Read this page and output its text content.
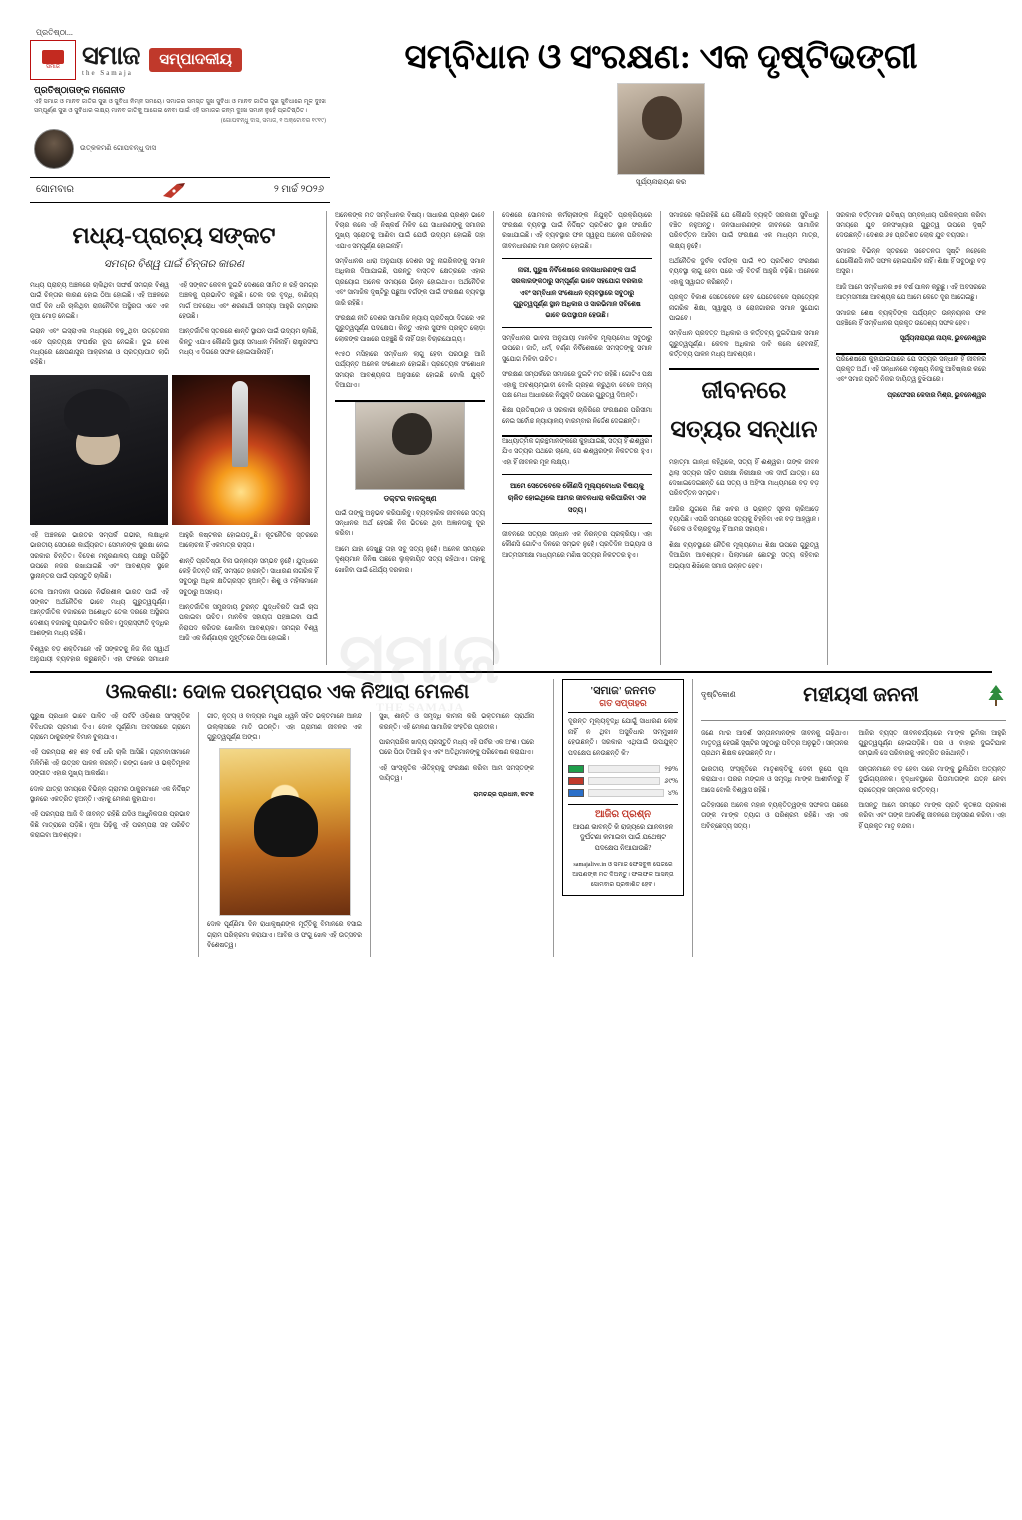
ପ୍ରତିଷ୍ଠା...
ସମାଜ ସମାଜ
the Samaja
ସମ୍ପାଦକୀୟ
ପ୍ରତିଷ୍ଠାତାଙ୍କ ମନୋନୀତ
ଏହି ସମାଜ ଓ ମାନବ ଜାତିର ସୁଖ ଓ ସୁବିଧା ନିମ୍ନ ସମୟେ। ସମାଜର ସମସ୍ତ ସୁଖ ସୁବିଧା ଓ ମାନବ ଜାତିର ସୁଖ ସୁବିଧାରେ ମୂଳ ଦୁଃଖ ସମ୍ପୂର୍ଣ୍ଣ ସୁଖ ଓ ସୁବିଧାର ଲକ୍ଷ୍ୟ ମାନବ ଜାତିକୁ ଆଗେଇ ନେବା ପାଇଁ ଏହି ସମାଜର ଜନ୍ମ ଦୁଃଖ ସମାନ ନୁହେଁ ପ୍ରତିଷ୍ଠିତ।
(ଗୋପବନ୍ଧୁ ଦାସ, ସମାଜ, ୧ ଅକ୍ଟୋବର ୧୯୧୯)
ଉତ୍କଳମଣି ଗୋପବନ୍ଧୁ ଦାସ
ସୋମବାର	୨ ମାର୍ଚ୍ଚ ୨୦୨୬
ସମ୍ବିଧାନ ଓ ସଂରକ୍ଷଣ: ଏକ ଦୃଷ୍ଟିଭଙ୍ଗୀ
ସୂର୍ଯ୍ୟନାରାୟଣ କର
ମଧ୍ୟ-ପ୍ରାଚ୍ୟ ସଙ୍କଟ
ସମଗ୍ର ବିଶ୍ୱ ପାଇଁ ଚିନ୍ତାର କାରଣ

ମଧ୍ୟ ପ୍ରାଚ୍ୟ ଅଞ୍ଚଳରେ ଚାଲିଥିବା ସଙ୍ଘର୍ଷ ସମଗ୍ର ବିଶ୍ୱ ପାଇଁ ଚିନ୍ତାର କାରଣ ହୋଇ ଠିଆ ହୋଇଛି। ଏହି ଅଞ୍ଚଳରେ ଦୀର୍ଘ ଦିନ ଧରି ଚାଲିଥିବା ରାଜନୈତିକ ଅସ୍ଥିରତା ଏବେ ଏକ ନୂଆ ମୋଡ଼ ନେଇଛି।

ଇରାନ ଏବଂ ଇସ୍ରାଏଲ ମଧ୍ୟରେ ବଢ଼ୁଥିବା ଉତ୍ତେଜନା ଏବେ ପ୍ରତ୍ୟକ୍ଷ ସଂଘର୍ଷର ରୂପ ନେଇଛି। ଦୁଇ ଦେଶ ମଧ୍ୟରେ କ୍ଷେପଣାସ୍ତ୍ର ଆକ୍ରମଣ ଓ ପ୍ରତ୍ୟାଘାତ ଲାଗି ରହିଛି।

ଏହି ସଙ୍କଟ କେବଳ ଦୁଇଟି ଦେଶରେ ସୀମିତ ନ ରହି ସମଗ୍ର ଅଞ୍ଚଳକୁ ପ୍ରଭାବିତ କରୁଛି। ତେଲ ଦର ବୃଦ୍ଧି, ବାଣିଜ୍ୟ ମାର୍ଗ ଅବରୋଧ ଏବଂ ଶରଣାର୍ଥୀ ସମସ୍ୟା ଆହୁରି ଗମ୍ଭୀର ହେଉଛି।

ଆନ୍ତର୍ଜାତିକ ସ୍ତରରେ ଶାନ୍ତି ସ୍ଥାପନ ପାଇଁ ଉଦ୍ୟମ ଚାଲିଛି, କିନ୍ତୁ ଏଯାଏ କୌଣସି ସ୍ଥାୟୀ ସମାଧାନ ମିଳିନାହିଁ। ରାଷ୍ଟ୍ରସଂଘ ମଧ୍ୟ ଏ ଦିଗରେ ସଫଳ ହୋଇପାରିନାହିଁ।

ଏହି ଅଞ୍ଚଳରେ ଭାରତର ସମ୍ପର୍କ ଗଭୀର, ଲକ୍ଷାଧିକ ଭାରତୀୟ ସେଠାରେ କାର୍ଯ୍ୟରତ। ସେମାନଙ୍କ ସୁରକ୍ଷା ନେଇ ସରକାର ଚିନ୍ତିତ। ବିଦେଶ ମନ୍ତ୍ରଣାଳୟ ପକ୍ଷରୁ ପରିସ୍ଥିତି ଉପରେ ନଜର ରଖାଯାଇଛି ଏବଂ ଆବଶ୍ୟକ ସ୍ଥଳେ ସ୍ଥାନାନ୍ତର ପାଇଁ ପ୍ରସ୍ତୁତି ଚାଲିଛି।

ତେଲ ଆମଦାନୀ ଉପରେ ନିର୍ଭରଶୀଳ ଭାରତ ପାଇଁ ଏହି ସଙ୍କଟ ଅର୍ଥନୈତିକ ଭାବେ ମଧ୍ୟ ଗୁରୁତ୍ୱପୂର୍ଣ୍ଣ। ଆନ୍ତର୍ଜାତିକ ବଜାରରେ ଅଶୋଧିତ ତେଲ ଦରରେ ଅସ୍ଥିରତା ଦେଶୀୟ ବଜାରକୁ ପ୍ରଭାବିତ କରିବ। ମୁଦ୍ରାସ୍ଫୀତି ବୃଦ୍ଧିର ଆଶଙ୍କା ମଧ୍ୟ ରହିଛି।

ବିଶ୍ୱର ବଡ଼ ଶକ୍ତିମାନେ ଏହି ସଙ୍କଟକୁ ନିଜ ନିଜ ସ୍ୱାର୍ଥ ଅନୁଯାୟୀ ବ୍ୟବହାର କରୁଛନ୍ତି। ଏହା ଫଳରେ ସମାଧାନ ଆହୁରି କଷ୍ଟକର ହୋଇପଡ଼ୁଛି। କୂଟନୈତିକ ସ୍ତରରେ ଆଲୋଚନା ହିଁ ଏକମାତ୍ର ରାସ୍ତା।

ଶାନ୍ତି ପ୍ରତିଷ୍ଠା ବିନା ଉନ୍ନୟନ ସମ୍ଭବ ନୁହେଁ। ଯୁଦ୍ଧରେ କେହି ଜିତନ୍ତି ନାହିଁ, ସମସ୍ତେ ହାରନ୍ତି। ସାଧାରଣ ନାଗରିକ ହିଁ ସବୁଠାରୁ ଅଧିକ କ୍ଷତିଗ୍ରସ୍ତ ହୁଅନ୍ତି। ଶିଶୁ ଓ ମହିଳାମାନେ ସବୁଠାରୁ ଅସହାୟ।

ଆନ୍ତର୍ଜାତିକ ସମ୍ପ୍ରଦାୟ ତୁରନ୍ତ ଯୁଦ୍ଧବିରତି ପାଇଁ ଚାପ ପକାଇବା ଉଚିତ। ମାନବିକ ସହାୟତା ପହଞ୍ଚାଇବା ପାଇଁ ନିରାପଦ କରିଡର ଖୋଲିବା ଆବଶ୍ୟକ। ସମଗ୍ର ବିଶ୍ୱ ଆଜି ଏକ ନିର୍ଣ୍ଣାୟକ ମୁହୂର୍ତ୍ତରେ ଠିଆ ହୋଇଛି।

ଅନେକଙ୍କ ମତ ସମ୍ବିଧାନର ବିଷୟ। ସାଧାରଣ ପ୍ରଶ୍ନ ଭାବେ ବିଚାର କଲେ ଏହି ନିଷ୍କର୍ଷ ମିଳିବ ଯେ ସାଧାରଣଙ୍କୁ ସମାଜର ମୁଖ୍ୟ ସ୍ରୋତକୁ ଆଣିବା ପାଇଁ ଯେଉଁ ଉଦ୍ୟମ ହୋଇଛି ତାହା ଏଯାଏ ସମ୍ପୂର୍ଣ୍ଣ ହୋଇନାହିଁ।

ସମ୍ବିଧାନର ଧାରା ଅନୁଯାୟୀ ଦେଶର ସବୁ ନାଗରିକଙ୍କୁ ସମାନ ଅଧିକାର ଦିଆଯାଇଛି, ପରନ୍ତୁ ବାସ୍ତବ କ୍ଷେତ୍ରରେ ଏହାର ପ୍ରୟୋଗ ଅନେକ ସମୟରେ ଭିନ୍ନ ହୋଇଥାଏ। ଅର୍ଥନୈତିକ ଏବଂ ସାମାଜିକ ଦୃଷ୍ଟିରୁ ପଛୁଆ ବର୍ଗଙ୍କ ପାଇଁ ସଂରକ୍ଷଣ ବ୍ୟବସ୍ଥା ଜାରି ରହିଛି।

ସଂରକ୍ଷଣ ନୀତି ଦେଶର ସାମାଜିକ ନ୍ୟାୟ ପ୍ରତିଷ୍ଠା ଦିଗରେ ଏକ ଗୁରୁତ୍ୱପୂର୍ଣ୍ଣ ପଦକ୍ଷେପ। କିନ୍ତୁ ଏହାର ସୁଫଳ ପ୍ରକୃତ ଲୋଡ଼ା ଲୋକଙ୍କ ପାଖରେ ପହଞ୍ଚୁଛି କି ନାହିଁ ତାହା ବିଚାରଯୋଗ୍ୟ।

୧୯୫୦ ମସିହାରେ ସମ୍ବିଧାନ ଲାଗୁ ହେବା ପରଠାରୁ ଆଜି ପର୍ଯ୍ୟନ୍ତ ଅନେକ ସଂଶୋଧନ ହୋଇଛି। ପ୍ରତ୍ୟେକ ସଂଶୋଧନ ସମୟର ଆବଶ୍ୟକତା ଅନୁସାରେ ହୋଇଛି ବୋଲି ଯୁକ୍ତି ଦିଆଯାଏ।

ଡକ୍ଟର ବାଳକୃଷ୍ଣ

ପାଇଁ ତାଙ୍କୁ ଅନୁଭବ କରିପାରିବୁ। ବ୍ୟବହାରିକ ଜୀବନରେ ସତ୍ୟ ସନ୍ଧାନର ଅର୍ଥ ହେଉଛି ନିଜ ଭିତରେ ଥିବା ଅଜ୍ଞାନତାକୁ ଦୂର କରିବା।

ଆମେ ଯାହା ଦେଖୁଛୁ ତାହା ସବୁ ସତ୍ୟ ନୁହେଁ। ଅନେକ ସମୟରେ ଦୃଶ୍ୟମାନ ଜିନିଷ ପଛରେ ଲୁକ୍କାୟିତ ସତ୍ୟ ରହିଥାଏ। ତାହାକୁ ଖୋଜିବା ପାଇଁ ଧୈର୍ଯ୍ୟ ଦରକାର।

ଦେଶରେ ସୋମବାର କର୍ମଚାରୀଙ୍କ ନିଯୁକ୍ତି ପ୍ରକ୍ରିୟାରେ ସଂରକ୍ଷଣ ବ୍ୟବସ୍ଥା ପାଇଁ ନିର୍ଦ୍ଦିଷ୍ଟ ପ୍ରତିଶତ ସ୍ଥାନ ସଂରକ୍ଷିତ ରଖାଯାଇଛି। ଏହି ବ୍ୟବସ୍ଥାର ଫଳ ସ୍ୱରୂପ ଅନେକ ପରିବାରର ଜୀବନଧାରଣର ମାନ ଉନ୍ନତ ହୋଇଛି।

ନାରୀ, ପୁରୁଷ ନିର୍ବିଶେଷରେ ଜନସାଧାରଣଙ୍କ ପାଇଁ ସରକାରଙ୍କଠାରୁ ସମ୍ପୂର୍ଣ୍ଣ ଭାବେ ସହଯୋଗ ଦରକାର ଏବଂ ସମ୍ବିଧାନ ସଂଶୋଧନ ବ୍ୟବସ୍ଥାରେ ସବୁଠାରୁ ଗୁରୁତ୍ୱପୂର୍ଣ୍ଣ ସ୍ଥାନ ଅଧିକାର ଓ ସାରଭିମାନ ସବିଶେଷ ଭାବେ ଉପସ୍ଥାପନ ହେଉଛି।

ସମ୍ବିଧାନର ଭାବନା ଅନୁଯାୟୀ ମାନବିକ ମୂଲ୍ୟବୋଧ ସବୁଠାରୁ ଉପରେ। ଜାତି, ଧର୍ମ, ବର୍ଣ୍ଣ ନିର୍ବିଶେଷରେ ସମସ୍ତଙ୍କୁ ସମାନ ସୁଯୋଗ ମିଳିବା ଉଚିତ।

ସଂରକ୍ଷଣ ସମ୍ପର୍କରେ ସମାଜରେ ଦୁଇଟି ମତ ରହିଛି। ଗୋଟିଏ ପକ୍ଷ ଏହାକୁ ଅବଶ୍ୟମ୍ଭାବୀ ବୋଲି ଗ୍ରହଣ କରୁଥିବା ବେଳେ ଅନ୍ୟ ପକ୍ଷ ମେଧା ଆଧାରରେ ନିଯୁକ୍ତି ଉପରେ ଗୁରୁତ୍ୱ ଦିଅନ୍ତି।

ଶିକ୍ଷା ପ୍ରତିଷ୍ଠାନ ଓ ସରକାରୀ ଚାକିରିରେ ସଂରକ୍ଷଣର ପରିସୀମା ନେଇ ସର୍ବୋଚ୍ଚ ନ୍ୟାୟାଳୟ ବାରମ୍ବାର ନିର୍ଦ୍ଦେଶ ଦେଇଛନ୍ତି।

ଆଧ୍ୟାତ୍ମିକ ଗ୍ରନ୍ଥମାନଙ୍କରେ କୁହାଯାଇଛି, ସତ୍ୟ ହିଁ ଈଶ୍ୱର। ଯିଏ ସତ୍ୟର ପଥରେ ଚାଲେ, ସେ ଈଶ୍ୱରଙ୍କ ନିକଟତର ହୁଏ। ଏହା ହିଁ ଜୀବନର ମୂଳ ଲକ୍ଷ୍ୟ।

ଆମେ ସେତେବେଳେ କୌଣସି ମୂଲ୍ୟବୋଧର ବିଷୟକୁ ଚାଳିତ ହୋଇଥିଲେ ଆମର ଜୀବନଧାରା କରିପାରିବା ଏକ ସତ୍ୟ।

ଜୀବନରେ ସତ୍ୟର ସନ୍ଧାନ ଏକ ନିରନ୍ତର ପ୍ରକ୍ରିୟା। ଏହା କୌଣସି ଗୋଟିଏ ଦିନରେ ସମ୍ଭବ ନୁହେଁ। ପ୍ରତିଦିନ ଅଭ୍ୟାସ ଓ ଆତ୍ମସମୀକ୍ଷା ମାଧ୍ୟମରେ ମଣିଷ ସତ୍ୟର ନିକଟତର ହୁଏ।

ସମାଜରେ ଲାଗିରହିଛି ଯେ କୌଣସି ବ୍ୟକ୍ତି ସରକାରୀ ସୁବିଧାରୁ ବଞ୍ଚିତ ନହୁଅନ୍ତୁ। ଜନସାଧାରଣଙ୍କ ଜୀବନରେ ସାମାଜିକ ପରିବର୍ତ୍ତନ ଆସିବା ପାଇଁ ସଂରକ୍ଷଣ ଏକ ମାଧ୍ୟମ ମାତ୍ର, ଲକ୍ଷ୍ୟ ନୁହେଁ।

ଅର୍ଥନୈତିକ ଦୁର୍ବଳ ବର୍ଗଙ୍କ ପାଇଁ ୧୦ ପ୍ରତିଶତ ସଂରକ୍ଷଣ ବ୍ୟବସ୍ଥା ଲାଗୁ ହେବା ପରେ ଏହି ବିତର୍କ ଆହୁରି ବଢ଼ିଛି। ଅନେକେ ଏହାକୁ ସ୍ୱାଗତ କରିଛନ୍ତି।

ପ୍ରକୃତ ବିକାଶ ସେତେବେଳେ ହେବ ଯେତେବେଳେ ପ୍ରତ୍ୟେକ ନାଗରିକ ଶିକ୍ଷା, ସ୍ୱାସ୍ଥ୍ୟ ଓ ରୋଜଗାରର ସମାନ ସୁଯୋଗ ପାଇବେ।

ସମ୍ବିଧାନ ପ୍ରଦତ୍ତ ଅଧିକାର ଓ କର୍ତ୍ତବ୍ୟ ଦୁଇଟିଯାକ ସମାନ ଗୁରୁତ୍ୱପୂର୍ଣ୍ଣ। କେବଳ ଅଧିକାର ଦାବି କଲେ ହେବନାହିଁ, କର୍ତ୍ତବ୍ୟ ପାଳନ ମଧ୍ୟ ଆବଶ୍ୟକ।

ଜୀବନରେ ସତ୍ୟର ସନ୍ଧାନ

ମହାତ୍ମା ଗାନ୍ଧୀ କହିଥିଲେ, ସତ୍ୟ ହିଁ ଈଶ୍ୱର। ତାଙ୍କ ଜୀବନ ଥିଲା ସତ୍ୟର ସହିତ ପରୀକ୍ଷା ନିରୀକ୍ଷାର ଏକ ଦୀର୍ଘ ଯାତ୍ରା। ସେ ଦେଖାଇଦେଇଛନ୍ତି ଯେ ସତ୍ୟ ଓ ଅହିଂସା ମାଧ୍ୟମରେ ବଡ଼ ବଡ଼ ପରିବର୍ତ୍ତନ ସମ୍ଭବ।

ଆଜିର ଯୁଗରେ ମିଛ ଖବର ଓ ଭ୍ରାନ୍ତ ସୂଚନା ଚାରିଆଡ଼େ ବ୍ୟାପିଛି। ଏପରି ସମୟରେ ସତ୍ୟକୁ ଚିହ୍ନିବା ଏକ ବଡ଼ ଆହ୍ୱାନ। ବିବେକ ଓ ବିଚାରବୁଦ୍ଧି ହିଁ ଆମର ସହାୟକ।

ଶିକ୍ଷା ବ୍ୟବସ୍ଥାରେ ନୈତିକ ମୂଲ୍ୟବୋଧ ଶିକ୍ଷା ଉପରେ ଗୁରୁତ୍ୱ ଦିଆଯିବା ଆବଶ୍ୟକ। ପିଲାମାନେ ଛୋଟରୁ ସତ୍ୟ କହିବାର ଅଭ୍ୟାସ ଶିଖିଲେ ସମାଜ ଉନ୍ନତ ହେବ।

ସରକାର ବର୍ତ୍ତମାନ ଭବିଷ୍ୟ ସମ୍ବନ୍ଧୀୟ ପରିକଳ୍ପନା କରିବା ସମୟରେ ଯୁବ ଜନସଂଖ୍ୟାର ଗୁରୁତ୍ୱ ଉପରେ ଦୃଷ୍ଟି ଦେଉଛନ୍ତି। ଦେଶର ୬୫ ପ୍ରତିଶତ ଲୋକ ଯୁବ ବୟସର।

ସମାଜର ବିଭିନ୍ନ ସ୍ତରରେ ସଚେତନତା ସୃଷ୍ଟି ନହେଲେ ଯେକୌଣସି ନୀତି ସଫଳ ହୋଇପାରିବ ନାହିଁ। ଶିକ୍ଷା ହିଁ ସବୁଠାରୁ ବଡ଼ ଅସ୍ତ୍ର।

ଆଜି ଆମେ ସମ୍ବିଧାନର ୭୫ ବର୍ଷ ପାଳନ କରୁଛୁ। ଏହି ଅବସରରେ ଆତ୍ମସମୀକ୍ଷା ଆବଶ୍ୟକ ଯେ ଆମେ କେତେ ଦୂର ଆଗେଇଛୁ।

ସମାଜର ଶେଷ ବ୍ୟକ୍ତିଙ୍କ ପର୍ଯ୍ୟନ୍ତ ଉନ୍ନୟନର ଫଳ ପହଞ୍ଚିଲେ ହିଁ ସମ୍ବିଧାନର ପ୍ରକୃତ ଉଦ୍ଦେଶ୍ୟ ସଫଳ ହେବ।

ସୂର୍ଯ୍ୟନାରାୟଣ ନାୟକ, ଭୁବନେଶ୍ୱର

ପରିଶେଷରେ କୁହାଯାଇପାରେ ଯେ ସତ୍ୟର ସନ୍ଧାନ ହିଁ ଜୀବନର ପ୍ରକୃତ ଅର୍ଥ। ଏହି ସନ୍ଧାନରେ ମନୁଷ୍ୟ ନିଜକୁ ଆବିଷ୍କାର କରେ ଏବଂ ସମାଜ ପ୍ରତି ନିଜର ଦାୟିତ୍ୱ ବୁଝିପାରେ।

ପ୍ରଫେସର କେଦାର ମିଶ୍ର, ଭୁବନେଶ୍ୱର
ଓଲକଣା: ଦୋଳ ପରମ୍ପରାର ଏକ ନିଆରା ମେଳଣ

ପୁରୁଷ ପ୍ରଧାନ ଭାବେ ପାଳିତ ଏହି ପର୍ବଟି ଓଡ଼ିଶାର ସାଂସ୍କୃତିକ ବିବିଧତାର ପ୍ରମାଣ ଦିଏ। ଦୋଳ ପୂର୍ଣ୍ଣିମା ଅବସରରେ ଗ୍ରାମେ ଗ୍ରାମେ ଠାକୁରଙ୍କ ବିମାନ ବୁଲାଯାଏ।

ଏହି ପରମ୍ପରା ଶହ ଶହ ବର୍ଷ ଧରି ଚାଲି ଆସିଛି। ଗ୍ରାମବାସୀମାନେ ମିଳିମିଶି ଏହି ଉତ୍ସବ ପାଳନ କରନ୍ତି। ରଙ୍ଗ ଖେଳ ଓ ଭକ୍ତିମୂଳକ ସଙ୍ଗୀତ ଏହାର ମୁଖ୍ୟ ଆକର୍ଷଣ।

ଦୋଳ ଯାତ୍ରା ସମୟରେ ବିଭିନ୍ନ ଗ୍ରାମର ଠାକୁରମାନେ ଏକ ନିର୍ଦ୍ଦିଷ୍ଟ ସ୍ଥାନରେ ଏକତ୍ରିତ ହୁଅନ୍ତି। ଏହାକୁ ମେଳଣ କୁହାଯାଏ।

ଏହି ପରମ୍ପରା ଆଜି ବି ଜୀବନ୍ତ ରହିଛି ଯଦିଓ ଆଧୁନିକତାର ପ୍ରଭାବ କିଛି ମାତ୍ରାରେ ପଡ଼ିଛି। ନୂଆ ପିଢ଼ିକୁ ଏହି ପରମ୍ପରା ସହ ପରିଚିତ କରାଇବା ଆବଶ୍ୟକ।

ଗୀତ, ନୃତ୍ୟ ଓ ବାଦ୍ୟର ମଧୁର ଧ୍ୱନି ସହିତ ଭକ୍ତମାନେ ଆନନ୍ଦ ଉଲ୍ଲାସରେ ମାତି ଉଠନ୍ତି। ଏହା ଗ୍ରାମୀଣ ଜୀବନର ଏକ ଗୁରୁତ୍ୱପୂର୍ଣ୍ଣ ଅଙ୍ଗ।

ଦୋଳ ପୂର୍ଣ୍ଣିମା ଦିନ ରାଧାକୃଷ୍ଣଙ୍କ ମୂର୍ତ୍ତିକୁ ବିମାନରେ ବସାଇ ଗ୍ରାମ ପରିକ୍ରମା କରାଯାଏ। ଆବିର ଓ ଫଗୁ ଖେଳ ଏହି ଉତ୍ସବର ବିଶେଷତ୍ୱ।

ସୁଖ, ଶାନ୍ତି ଓ ସମୃଦ୍ଧି କାମନା କରି ଭକ୍ତମାନେ ପ୍ରାର୍ଥନା କରନ୍ତି। ଏହି ମେଳଣ ସାମାଜିକ ସଂହତିର ପ୍ରତୀକ।

ପାରମ୍ପରିକ ଖାଦ୍ୟ ପ୍ରସ୍ତୁତି ମଧ୍ୟ ଏହି ପର୍ବର ଏକ ଅଂଶ। ଘରେ ଘରେ ପିଠା ତିଆରି ହୁଏ ଏବଂ ଅତିଥିମାନଙ୍କୁ ପରିବେଷଣ କରାଯାଏ।

ଏହି ସାଂସ୍କୃତିକ ଐତିହ୍ୟକୁ ସଂରକ୍ଷଣ କରିବା ଆମ ସମସ୍ତଙ୍କ ଦାୟିତ୍ୱ।

ରାମଚନ୍ଦ୍ର ପ୍ରଧାନ, କଟକ
'ସମାଜ' ଜନମତ
ଗତ ସପ୍ତାହର
ଦୂରନ୍ତ ମୂଲ୍ୟବୃଦ୍ଧି ଯୋଗୁଁ ସାଧାରଣ ଲୋକ ନାହିଁ ନ ଥିବା ଅସୁବିଧାର ସମ୍ମୁଖୀନ ହେଉଛନ୍ତି। ସରକାର ଏଥିପାଇଁ ଉପଯୁକ୍ତ ପଦକ୍ଷେପ ନେଉଛନ୍ତି କି?
୨୭%
୬୯%
୪%
ଆଜିର ପ୍ରଶ୍ନ
ଆପଣ ଭାବନ୍ତି କି ରାଜ୍ୟରେ ଯାନବାହନ ଦୁର୍ଘଟଣା କମାଇବା ପାଇଁ ଯଥେଷ୍ଟ ପଦକ୍ଷେପ ନିଆଯାଉଛି?
samajalive.in ଓ ସମାଜ ଫେସବୁକ ପେଜରେ ଆପଣଙ୍କ ମତ ଦିଅନ୍ତୁ। ଫଳାଫଳ ଆସନ୍ତା ସୋମବାର ପ୍ରକାଶିତ ହେବ।
ଦୃଷ୍ଟିକୋଣ	ମହୀୟସୀ ଜନନୀ

ଜଣେ ମା'ର ଆଦର୍ଶ ସନ୍ତାନମାନଙ୍କ ଜୀବନକୁ ଗଢ଼ିଥାଏ। ମାତୃତ୍ୱ ହେଉଛି ସୃଷ୍ଟିର ସବୁଠାରୁ ପବିତ୍ର ଅନୁଭୂତି। ସନ୍ତାନର ପ୍ରଥମ ଶିକ୍ଷକ ହେଉଛନ୍ତି ମା'।

ଭାରତୀୟ ସଂସ୍କୃତିରେ ମାତୃଶକ୍ତିକୁ ଦେବୀ ରୂପେ ପୂଜା କରାଯାଏ। ଘରର ମଙ୍ଗଳ ଓ ସମୃଦ୍ଧି ମା'ଙ୍କ ଆଶୀର୍ବାଦରୁ ହିଁ ଆସେ ବୋଲି ବିଶ୍ୱାସ ରହିଛି।

ଇତିହାସରେ ଅନେକ ମହାନ ବ୍ୟକ୍ତିତ୍ୱଙ୍କ ସଫଳତା ପଛରେ ତାଙ୍କ ମା'ଙ୍କ ତ୍ୟାଗ ଓ ପରିଶ୍ରମ ରହିଛି। ଏହା ଏକ ଅବିଚ୍ଛେଦ୍ୟ ସତ୍ୟ।

ଆଜିର ବ୍ୟସ୍ତ ଜୀବନଚର୍ଯ୍ୟାରେ ମା'ଙ୍କ ଭୂମିକା ଆହୁରି ଗୁରୁତ୍ୱପୂର୍ଣ୍ଣ ହୋଇପଡ଼ିଛି। ଘର ଓ ବାହାର ଦୁଇଟିଯାକ ସମ୍ଭାଳି ସେ ପରିବାରକୁ ଏକତ୍ରିତ ରଖିଥାନ୍ତି।

ସନ୍ତାନମାନେ ବଡ଼ ହେବା ପରେ ମା'ଙ୍କୁ ଭୁଲିଯିବା ଅତ୍ୟନ୍ତ ଦୁର୍ଭାଗ୍ୟଜନକ। ବୃଦ୍ଧାବସ୍ଥାରେ ପିତାମାତାଙ୍କ ଯତ୍ନ ନେବା ପ୍ରତ୍ୟେକ ସନ୍ତାନର କର୍ତ୍ତବ୍ୟ।

ଆସନ୍ତୁ ଆମେ ସମସ୍ତେ ମା'ଙ୍କ ପ୍ରତି କୃତଜ୍ଞତା ପ୍ରକାଶ କରିବା ଏବଂ ତାଙ୍କ ଆଦର୍ଶକୁ ଜୀବନରେ ଅନୁସରଣ କରିବା। ଏହା ହିଁ ପ୍ରକୃତ ମାତୃ ବନ୍ଦନା।

ସମାଜ
THE SAMAJA
